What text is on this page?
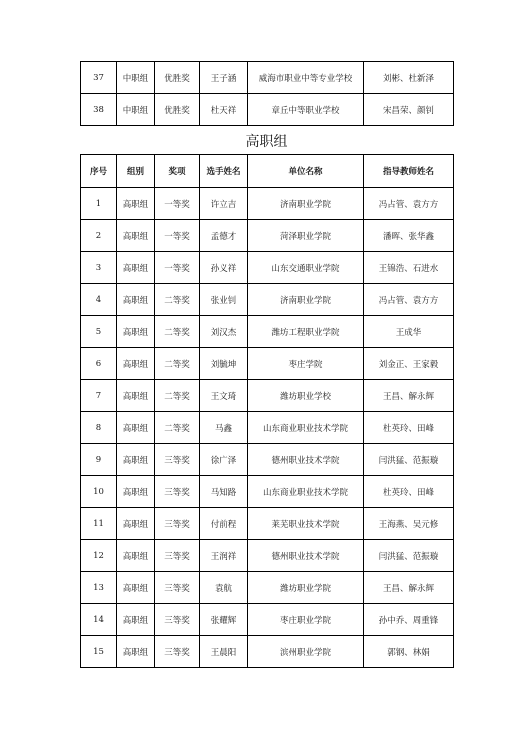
37	中职组	优胜奖	王子涵	威海市职业中等专业学校	刘彬、杜新泽
38	中职组	优胜奖	杜天祥	章丘中等职业学校	宋昌荣、颜钊
高职组
序号	组别	奖项	选手姓名	单位名称	指导教师姓名
1	高职组	一等奖	许立吉	济南职业学院	冯占管、袁方方
2	高职组	一等奖	孟德才	菏泽职业学院	潘晖、张华鑫
3	高职组	一等奖	孙义祥	山东交通职业学院	王锦浩、石进水
4	高职组	二等奖	张业钊	济南职业学院	冯占管、袁方方
5	高职组	二等奖	刘汉杰	潍坊工程职业学院	王成华
6	高职组	二等奖	刘毓坤	枣庄学院	刘金正、王家毅
7	高职组	二等奖	王文琦	潍坊职业学校	王昌、解永辉
8	高职组	二等奖	马鑫	山东商业职业技术学院	杜英玲、田峰
9	高职组	三等奖	徐广泽	德州职业技术学院	闫洪猛、范振璇
10	高职组	三等奖	马知路	山东商业职业技术学院	杜英玲、田峰
11	高职组	三等奖	付前程	莱芜职业技术学院	王海燕、吴元修
12	高职组	三等奖	王润祥	德州职业技术学院	闫洪猛、范振璇
13	高职组	三等奖	袁航	潍坊职业学院	王昌、解永辉
14	高职组	三等奖	张耀辉	枣庄职业学院	孙中乔、周重锋
15	高职组	三等奖	王晨阳	滨州职业学院	郭钢、林娟
